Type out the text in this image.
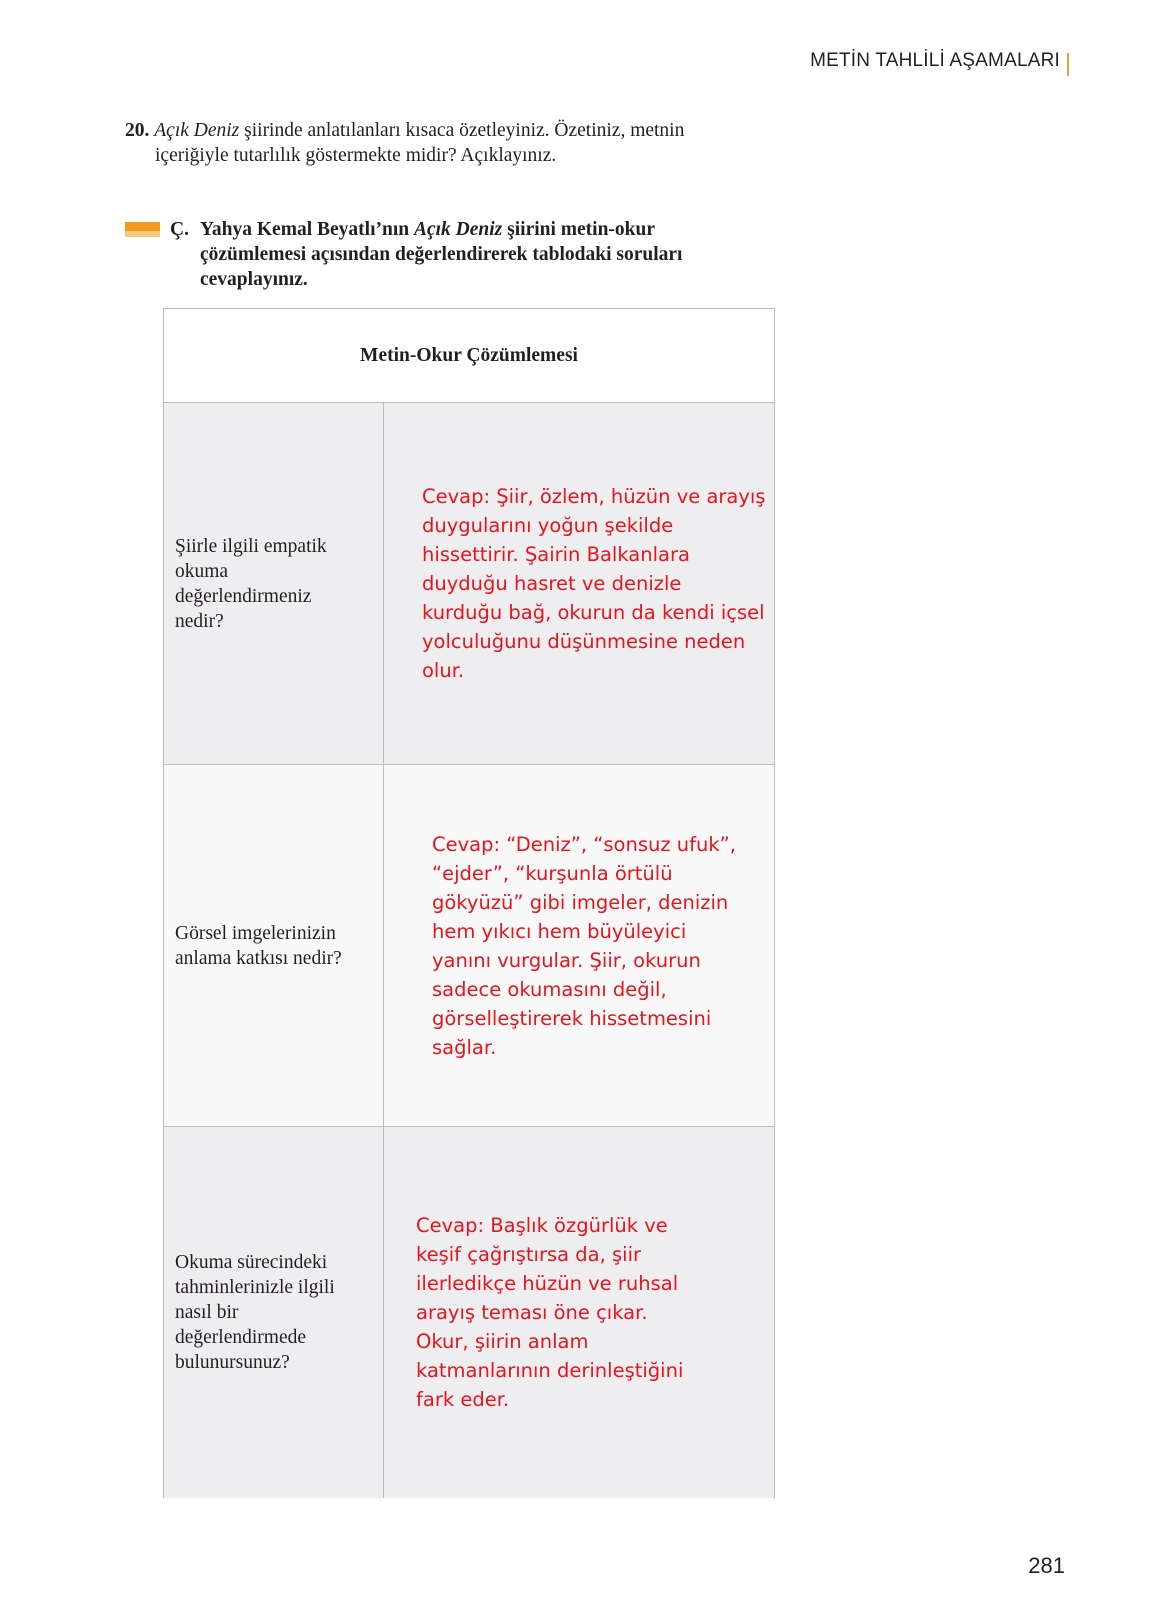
METİN TAHLİLİ AŞAMALARI
20. Açık Deniz şiirinde anlatılanları kısaca özetleyiniz. Özetiniz, metnin
içeriğiyle tutarlılık göstermekte midir? Açıklayınız.
Ç. Yahya Kemal Beyatlı’nın Açık Deniz şiirini metin-okur çözümlemesi açısından değerlendirerek tablodaki soruları cevaplayınız.
Metin-Okur Çözümlemesi
Şiirle ilgili empatik okuma değerlendirmeniz nedir?
Cevap: Şiir, özlem, hüzün ve arayış duygularını yoğun şekilde hissettirir. Şairin Balkanlara duyduğu hasret ve denizle kurduğu bağ, okurun da kendi içsel yolculuğunu düşünmesine neden olur.
Görsel imgelerinizin anlama katkısı nedir?
Cevap: “Deniz”, “sonsuz ufuk”, “ejder”, “kurşunla örtülü gökyüzü” gibi imgeler, denizin hem yıkıcı hem büyüleyici yanını vurgular. Şiir, okurun sadece okumasını değil, görselleştirerek hissetmesini sağlar.
Okuma sürecindeki tahminlerinizle ilgili nasıl bir değerlendirmede bulunursunuz?
Cevap: Başlık özgürlük ve keşif çağrıştırsa da, şiir ilerledikçe hüzün ve ruhsal arayış teması öne çıkar. Okur, şiirin anlam katmanlarının derinleştiğini fark eder.
281
